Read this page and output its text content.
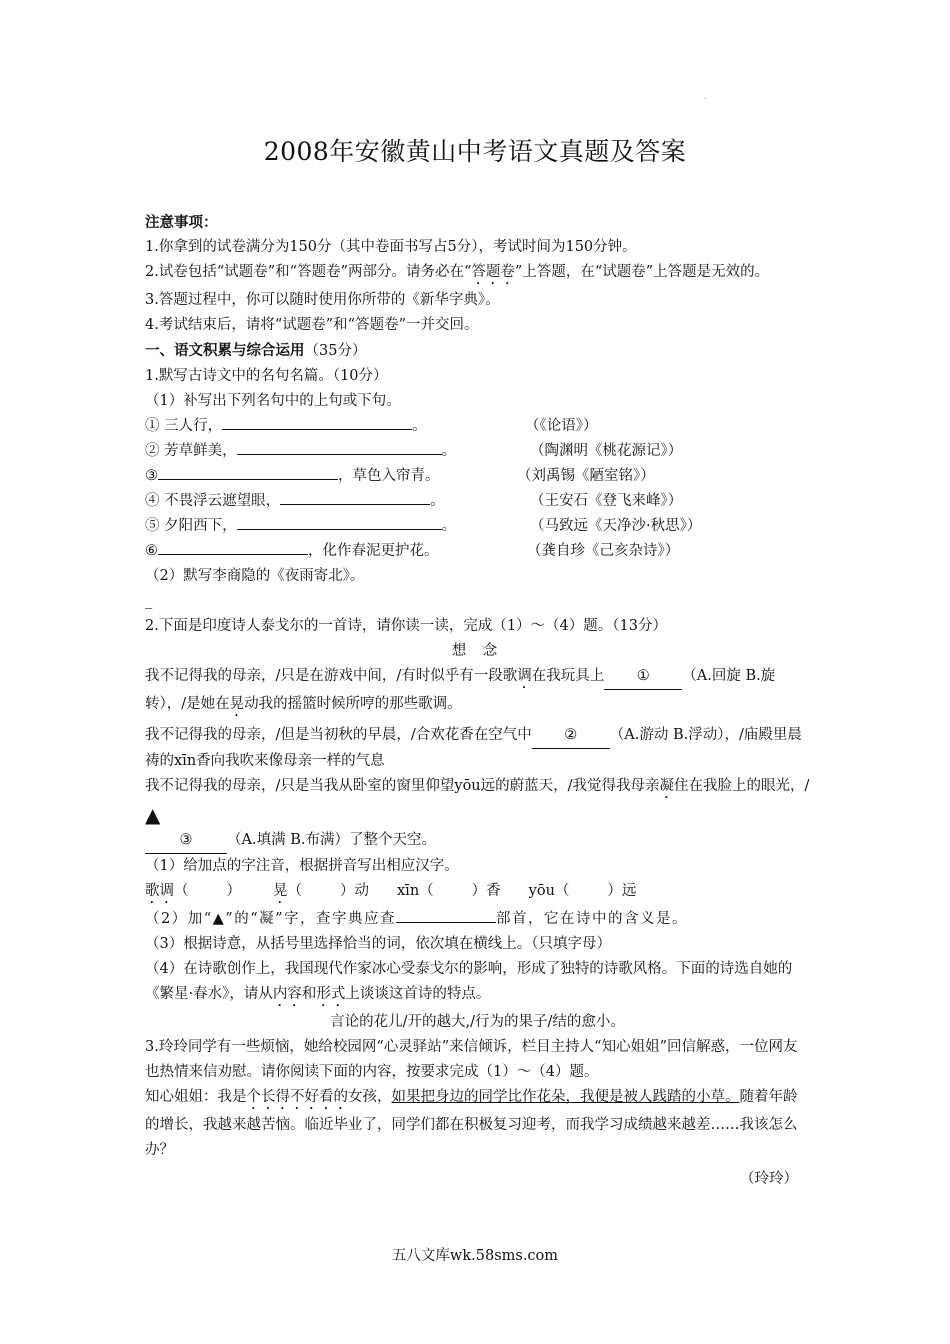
·
2008年安徽黄山中考语文真题及答案
注意事项：
1.你拿到的试卷满分为150分（其中卷面书写占5分），考试时间为150分钟。
2.试卷包括“试题卷”和“答题卷”两部分。请务必在“答题卷”上答题，在“试题卷”上答题是无效的。
3.答题过程中，你可以随时使用你所带的《新华字典》。
4.考试结束后，请将“试题卷”和“答题卷”一并交回。
一、语文积累与综合运用（35分）
1.默写古诗文中的名句名篇。（10分）
（1）补写出下列名句中的上句或下句。
① 三人行，	。	（《论语》）
② 芳草鲜美，	。	（陶渊明《桃花源记》）
③	，草色入帘青。	（刘禹锡《陋室铭》）
④ 不畏浮云遮望眼，	。	（王安石《登飞来峰》）
⑤ 夕阳西下，	。	（马致远《天净沙·秋思》）
⑥	，化作春泥更护花。	（龚自珍《己亥杂诗》）
（2）默写李商隐的《夜雨寄北》。
_
2.下面是印度诗人泰戈尔的一首诗，请你读一读，完成（1）～（4）题。（13分）
想 念
我不记得我的母亲，/只是在游戏中间，/有时似乎有一段歌调在我玩具上 ① （A.回旋 B.旋转），/是她在晃动我的摇篮时候所哼的那些歌调。
我不记得我的母亲，/但是当初秋的早晨，/合欢花香在空气中 ② （A.游动 B.浮动），/庙殿里晨祷的xīn香向我吹来像母亲一样的气息
我不记得我的母亲，/只是当我从卧室的窗里仰望yōu远的蔚蓝天，/我觉得我母亲凝住在我脸上的眼光，/▲
③ （A.填满 B.布满）了整个天空。
（1）给加点的字注音，根据拼音写出相应汉字。
歌调（	） 晃（	）动 xīn（	）香 yōu（	）远
（2）加“▲”的“凝”字，查字典应查	部首，它在诗中的含义是。
（3）根据诗意，从括号里选择恰当的词，依次填在横线上。（只填字母）
（4）在诗歌创作上，我国现代作家冰心受泰戈尔的影响，形成了独特的诗歌风格。下面的诗选自她的《繁星·春水》，请从内容和形式上谈谈这首诗的特点。
言论的花儿/开的越大,/行为的果子/结的愈小。
3.玲玲同学有一些烦恼，她给校园网“心灵驿站”来信倾诉，栏目主持人“知心姐姐”回信解惑，一位网友也热情来信劝慰。请你阅读下面的内容，按要求完成（1）～（4）题。
知心姐姐：我是个长得不好看的女孩，如果把身边的同学比作花朵，我便是被人践踏的小草。随着年龄的增长，我越来越苦恼。临近毕业了，同学们都在积极复习迎考，而我学习成绩越来越差……我该怎么办？
（玲玲）
五八文库wk.58sms.com
